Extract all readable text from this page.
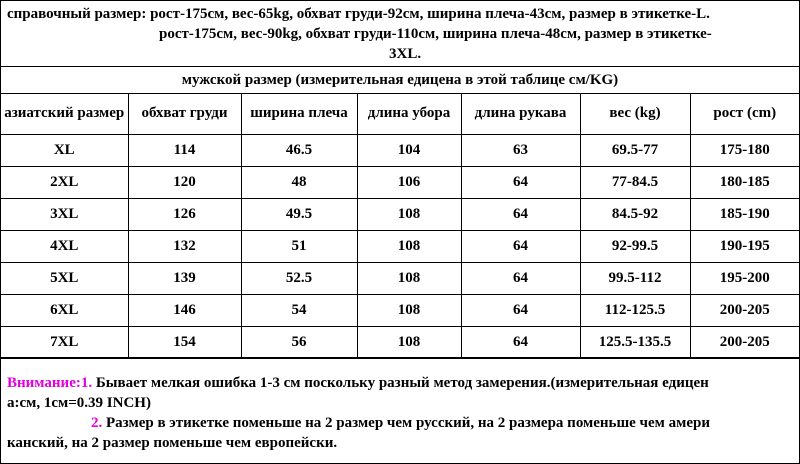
справочный размер: рост-175см, вес-65kg, обхват груди-92см, ширина плеча-43см, размер в этикетке-L.
рост-175см, вес-90kg, обхват груди-110см, ширина плеча-48см, размер в этикетке-
3XL.
мужской размер (измерительная едицена в этой таблице см/KG)
азиатский размер	обхват груди	ширина плеча	длина убора	длина рукава	вес (kg)	рост (cm)
XL	114	46.5	104	63	69.5-77	175-180
2XL	120	48	106	64	77-84.5	180-185
3XL	126	49.5	108	64	84.5-92	185-190
4XL	132	51	108	64	92-99.5	190-195
5XL	139	52.5	108	64	99.5-112	195-200
6XL	146	54	108	64	112-125.5	200-205
7XL	154	56	108	64	125.5-135.5	200-205
Внимание:1. Бывает мелкая ошибка 1-3 см поскольку разный метод замерения.(измерительная едицен
а:см, 1см=0.39 INCH)
2. Размер в этикетке поменьше на 2 размер чем русский, на 2 размера поменьше чем амери
канский, на 2 размер поменьше чем европейски.
